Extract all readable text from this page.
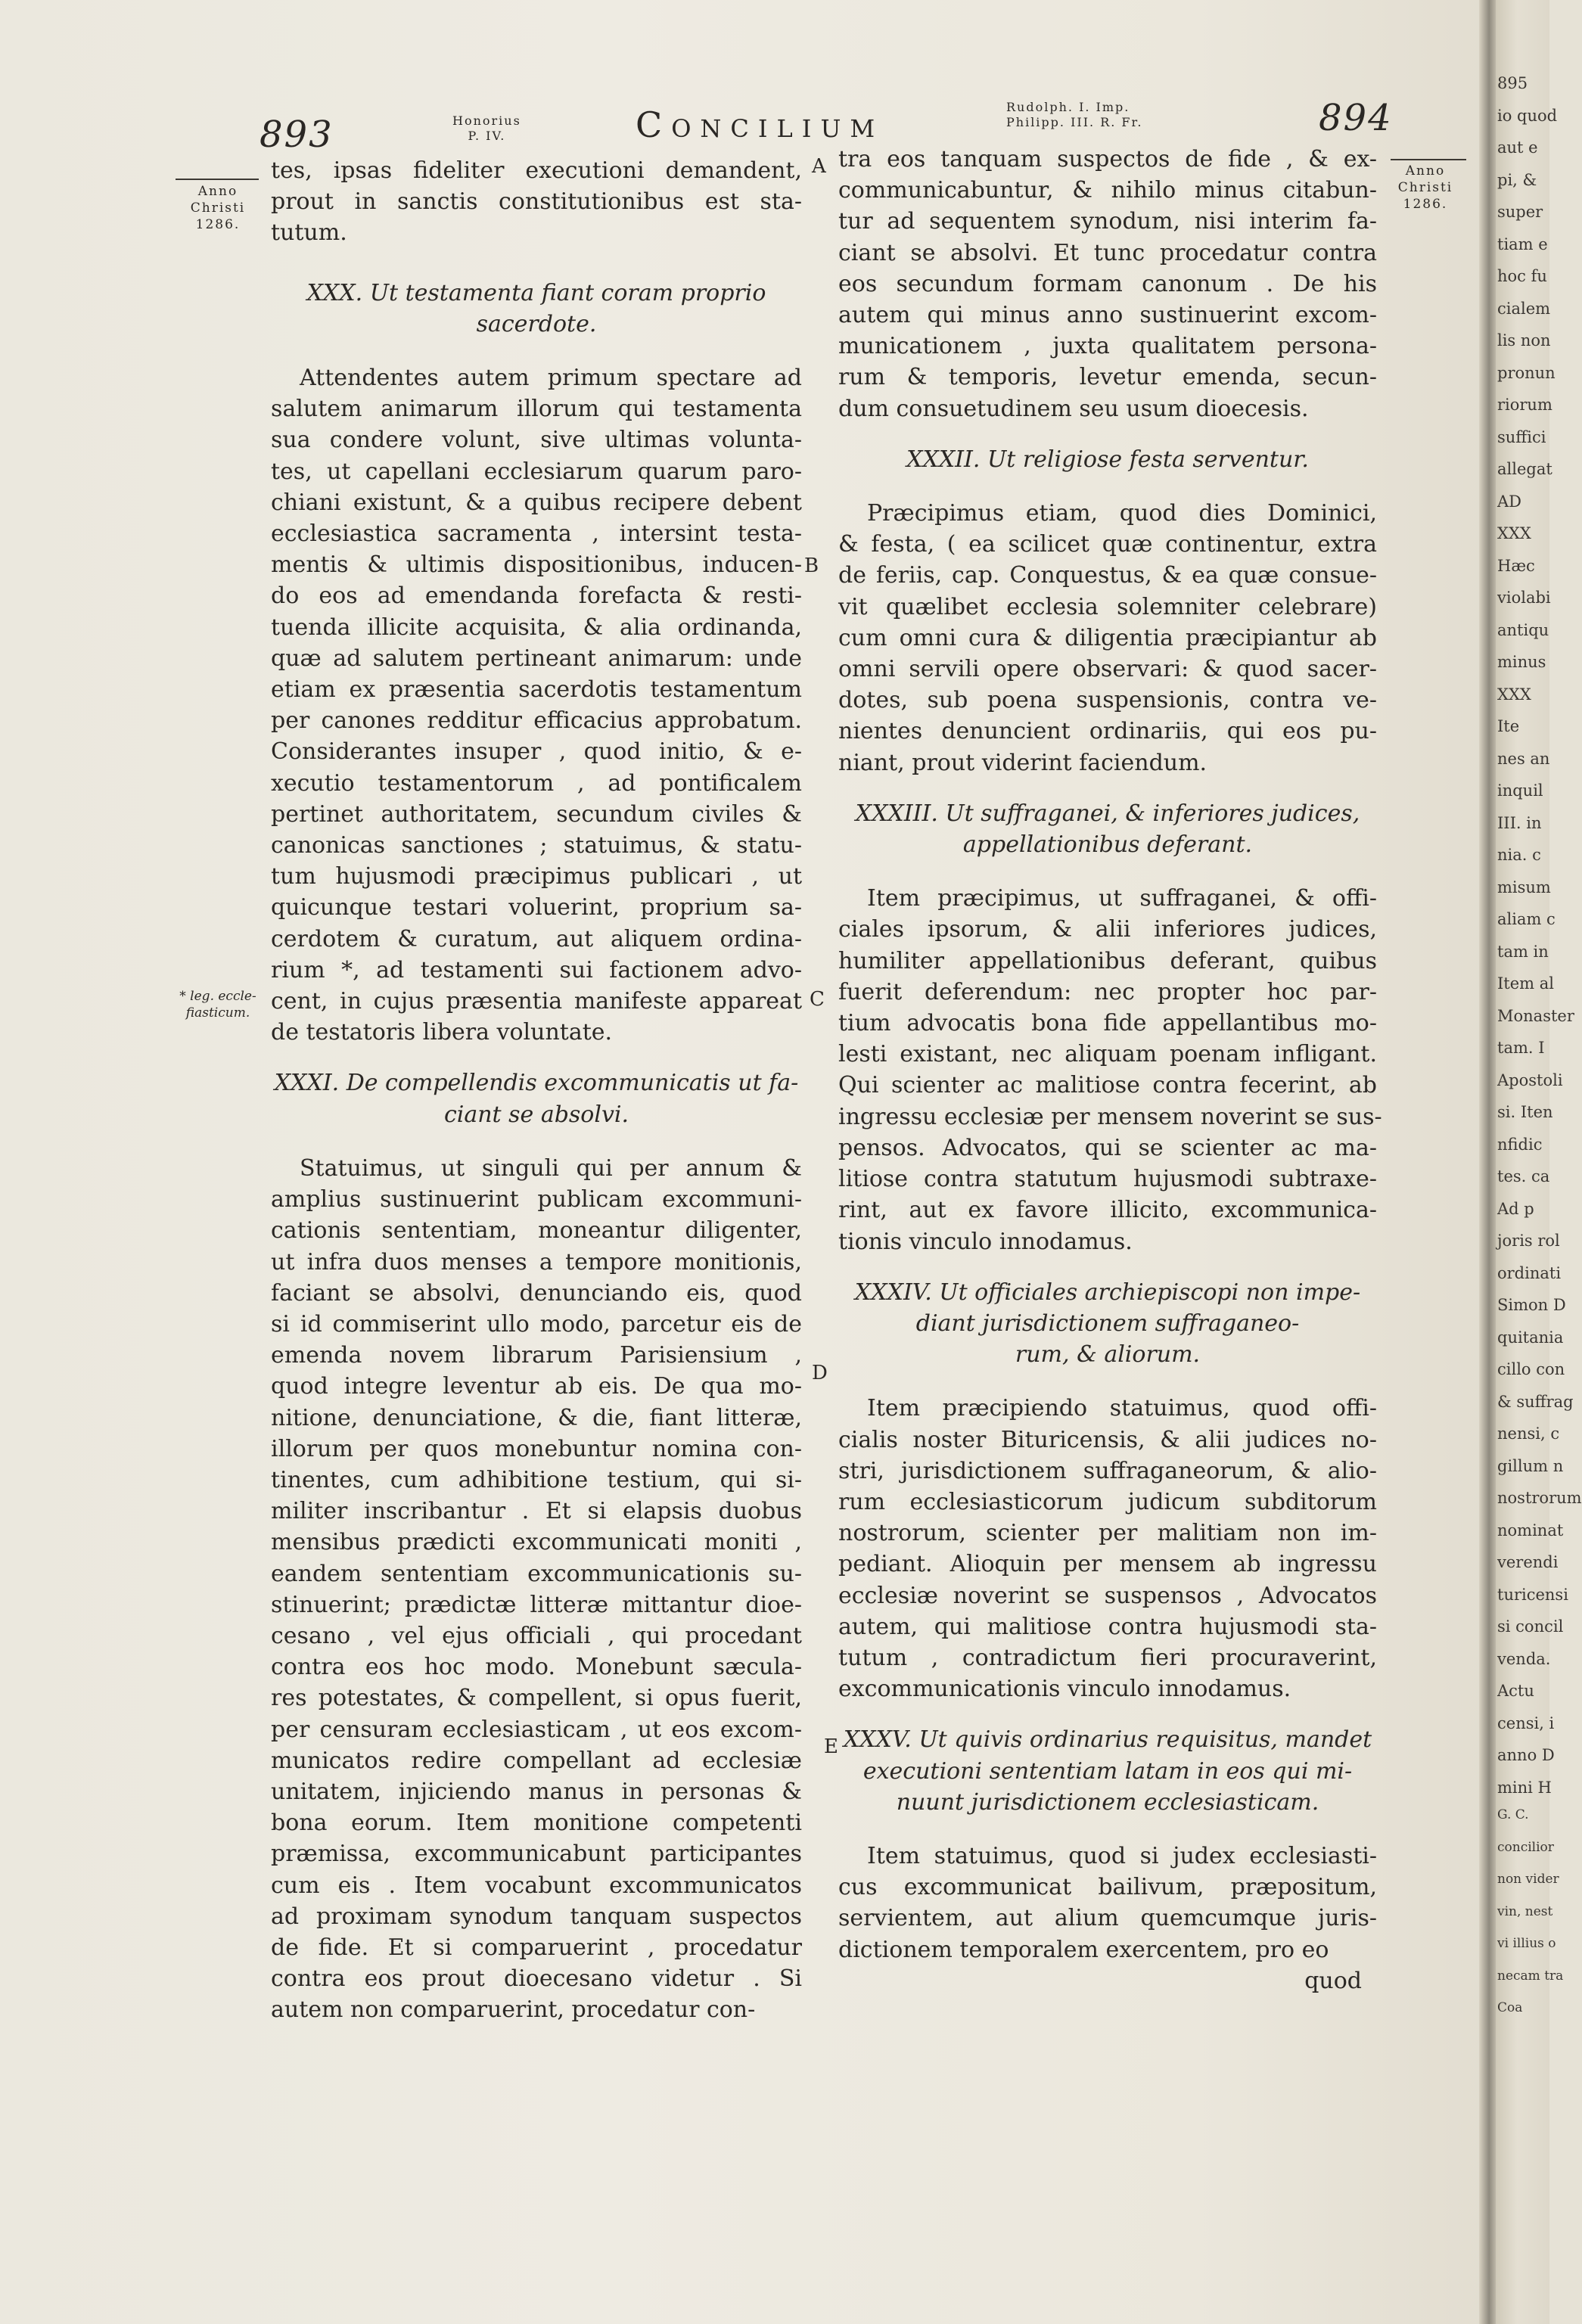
895
io quod
aut e
pi, &
super
tiam e
hoc fu
cialem
lis non
pronun
riorum
suffici
allegat
AD
XXX
Hæc
violabi
antiqu
minus
XXX
Ite
nes an
inquil
III. in
nia. c
misum
aliam c
tam in
Item al
Monaster
tam. I
Apostoli
si. Iten
nfidic
tes. ca
Ad p
joris rol
ordinati
Simon D
quitania
cillo con
& suffrag
nensi, c
gillum n
nostrorum
nominat
verendi
turicensi
si concil
venda.
Actu
censi, i
anno D
mini H
G. C.
concilior
non vider
vin, nest
vi illius o
necam tra
Coa
893	Honorius
P. IV.	Concilium	Rudolph. I. Imp.
Philipp. III. R. Fr.	894
Anno
Christi
1286.
Anno
Christi
1286.
* leg. eccle-
fiasticum.
A
B
C
D
E
tes, ipsas fideliter executioni demandent,
prout in sanctis constitutionibus est sta-
tutum.
XXX. Ut testamenta fiant coram proprio
sacerdote.
Attendentes autem primum spectare ad
salutem animarum illorum qui testamenta
sua condere volunt, sive ultimas volunta-
tes, ut capellani ecclesiarum quarum paro-
chiani existunt, & a quibus recipere debent
ecclesiastica sacramenta , intersint testa-
mentis & ultimis dispositionibus, inducen-
do eos ad emendanda forefacta & resti-
tuenda illicite acquisita, & alia ordinanda,
quæ ad salutem pertineant animarum: unde
etiam ex præsentia sacerdotis testamentum
per canones redditur efficacius approbatum.
Considerantes insuper , quod initio, & e-
xecutio testamentorum , ad pontificalem
pertinet authoritatem, secundum civiles &
canonicas sanctiones ; statuimus, & statu-
tum hujusmodi præcipimus publicari , ut
quicunque testari voluerint, proprium sa-
cerdotem & curatum, aut aliquem ordina-
rium *, ad testamenti sui factionem advo-
cent, in cujus præsentia manifeste appareat
de testatoris libera voluntate.
XXXI. De compellendis excommunicatis ut fa-
ciant se absolvi.
Statuimus, ut singuli qui per annum &
amplius sustinuerint publicam excommuni-
cationis sententiam, moneantur diligenter,
ut infra duos menses a tempore monitionis,
faciant se absolvi, denunciando eis, quod
si id commiserint ullo modo, parcetur eis de
emenda novem librarum Parisiensium ,
quod integre leventur ab eis. De qua mo-
nitione, denunciatione, & die, fiant litteræ,
illorum per quos monebuntur nomina con-
tinentes, cum adhibitione testium, qui si-
militer inscribantur . Et si elapsis duobus
mensibus prædicti excommunicati moniti ,
eandem sententiam excommunicationis su-
stinuerint; prædictæ litteræ mittantur dioe-
cesano , vel ejus officiali , qui procedant
contra eos hoc modo. Monebunt sæcula-
res potestates, & compellent, si opus fuerit,
per censuram ecclesiasticam , ut eos excom-
municatos redire compellant ad ecclesiæ
unitatem, injiciendo manus in personas &
bona eorum. Item monitione competenti
præmissa, excommunicabunt participantes
cum eis . Item vocabunt excommunicatos
ad proximam synodum tanquam suspectos
de fide. Et si comparuerint , procedatur
contra eos prout dioecesano videtur . Si
autem non comparuerint, procedatur con-
tra eos tanquam suspectos de fide , & ex-
communicabuntur, & nihilo minus citabun-
tur ad sequentem synodum, nisi interim fa-
ciant se absolvi. Et tunc procedatur contra
eos secundum formam canonum . De his
autem qui minus anno sustinuerint excom-
municationem , juxta qualitatem persona-
rum & temporis, levetur emenda, secun-
dum consuetudinem seu usum dioecesis.
XXXII. Ut religiose festa serventur.
Præcipimus etiam, quod dies Dominici,
& festa, ( ea scilicet quæ continentur, extra
de feriis, cap. Conquestus, & ea quæ consue-
vit quælibet ecclesia solemniter celebrare)
cum omni cura & diligentia præcipiantur ab
omni servili opere observari: & quod sacer-
dotes, sub poena suspensionis, contra ve-
nientes denuncient ordinariis, qui eos pu-
niant, prout viderint faciendum.
XXXIII. Ut suffraganei, & inferiores judices,
appellationibus deferant.
Item præcipimus, ut suffraganei, & offi-
ciales ipsorum, & alii inferiores judices,
humiliter appellationibus deferant, quibus
fuerit deferendum: nec propter hoc par-
tium advocatis bona fide appellantibus mo-
lesti existant, nec aliquam poenam infligant.
Qui scienter ac malitiose contra fecerint, ab
ingressu ecclesiæ per mensem noverint se sus-
pensos. Advocatos, qui se scienter ac ma-
litiose contra statutum hujusmodi subtraxe-
rint, aut ex favore illicito, excommunica-
tionis vinculo innodamus.
XXXIV. Ut officiales archiepiscopi non impe-
diant jurisdictionem suffraganeo-
rum, & aliorum.
Item præcipiendo statuimus, quod offi-
cialis noster Bituricensis, & alii judices no-
stri, jurisdictionem suffraganeorum, & alio-
rum ecclesiasticorum judicum subditorum
nostrorum, scienter per malitiam non im-
pediant. Alioquin per mensem ab ingressu
ecclesiæ noverint se suspensos , Advocatos
autem, qui malitiose contra hujusmodi sta-
tutum , contradictum fieri procuraverint,
excommunicationis vinculo innodamus.
XXXV. Ut quivis ordinarius requisitus, mandet
executioni sententiam latam in eos qui mi-
nuunt jurisdictionem ecclesiasticam.
Item statuimus, quod si judex ecclesiasti-
cus excommunicat bailivum, præpositum,
servientem, aut alium quemcumque juris-
dictionem temporalem exercentem, pro eo
quod
